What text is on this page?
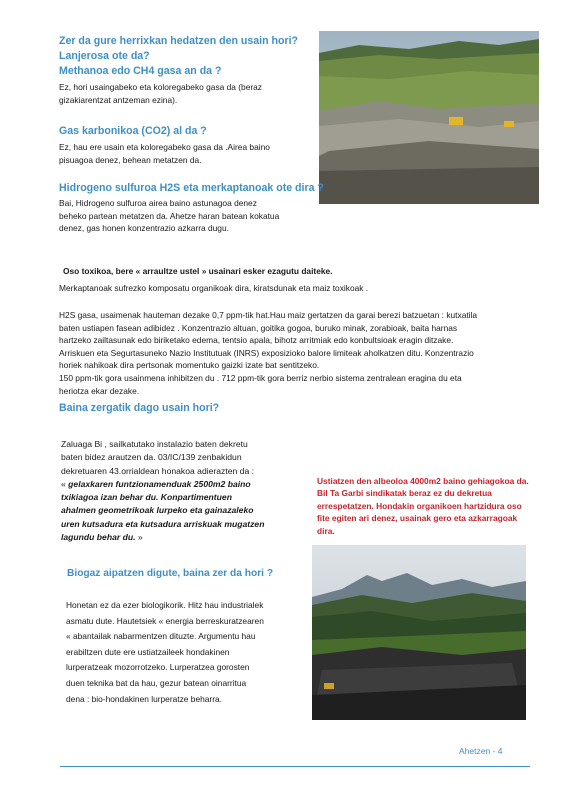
Zer da gure herrixkan hedatzen den usain hori?

Lanjerosa ote da?

Methanoa edo CH4 gasa an da ?

Ez, hori usaingabeko eta koloregabeko gasa da (beraz

gizakiarentzat antzeman ezina).

Gas karbonikoa (CO2) al da ?

Ez, hau ere usain eta koloregabeko gasa da .Airea baino

pisuagoa denez, behean metatzen da.

Hidrogeno sulfuroa H2S eta merkaptanoak ote dira ?

Bai, Hidrogeno sulfuroa airea baino astunagoa denez

beheko partean metatzen da. Ahetze haran batean kokatua

denez, gas honen konzentrazio azkarra dugu.

Oso toxikoa, bere « arraultze ustel » usainari esker ezagutu daiteke.

Merkaptanoak sufrezko komposatu organikoak dira, kiratsdunak eta maiz toxikoak .

H2S gasa, usaimenak hauteman dezake 0,7 ppm-tik hat.Hau maiz gertatzen da garai berezi batzuetan : kutxatila

baten ustiapen fasean adibidez . Konzentrazio altuan, goitika gogoa, buruko minak, zorabioak, baita harnas

hartzeko zailtasunak edo biriketako edema, tentsio apala, bihotz arritmiak edo konbultsioak eragin ditzake.

Arriskuen eta Segurtasuneko Nazio Institutuak (INRS) exposizioko balore limiteak aholkatzen ditu. Konzentrazio

horiek nahikoak dira pertsonak momentuko gaizki izate bat sentitzeko.

150 ppm-tik gora usainmena inhibitzen du . 712 ppm-tik gora berriz nerbio sistema zentralean eragina du eta

heriotza ekar dezake.

Baina zergatik dago usain hori?

Zaluaga Bi , sailkatutako instalazio baten dekretu

baten bidez arautzen da. 03/IC/139 zenbakidun

dekretuaren 43.orrialdean honakoa adierazten da :

« gelaxkaren funtzionamenduak 2500m2 baino

txikiagoa izan behar du. Konpartimentuen

ahalmen geometrikoak lurpeko eta gainazaleko

uren kutsadura eta kutsadura arriskuak mugatzen

lagundu behar du. »

Ustiatzen den albeoloa 4000m2 baino gehiagokoa da.
Bil Ta Garbi sindikatak beraz ez du dekretua
errespetatzen. Hondakin organikoen hartzidura oso
fite egiten ari denez, usainak gero eta azkarragoak
dira.

Biogaz aipatzen digute, baina zer da hori ?

Honetan ez da ezer biologikorik. Hitz hau industrialek

asmatu dute. Hautetsiek « energia berreskuratzearen

« abantailak nabarmentzen dituzte. Argumentu hau

erabiltzen dute ere ustiatzaileek hondakinen

lurperatzeak mozorrotzeko. Lurperatzea gorosten

duen teknika bat da hau, gezur batean oinarritua

dena : bio-hondakinen lurperatze beharra.

Ahetzen - 4
